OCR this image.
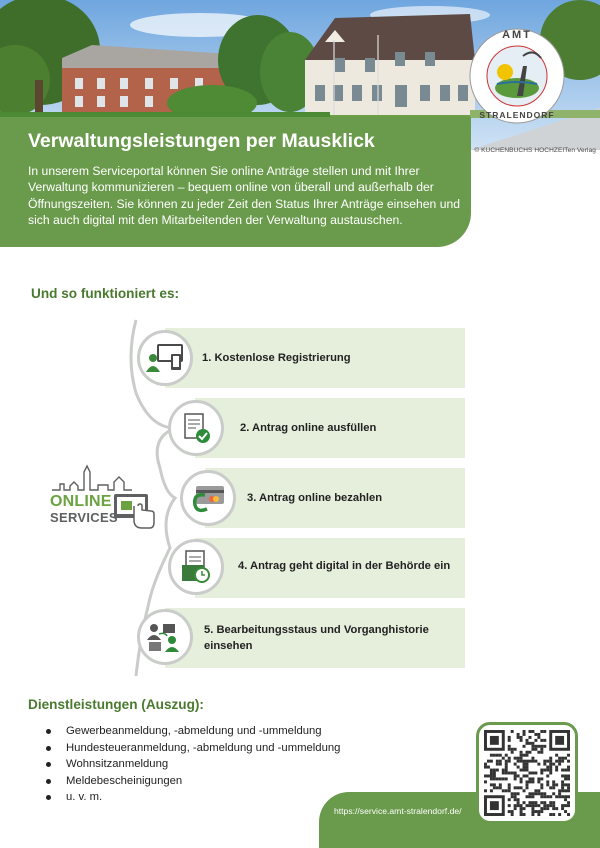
AMT
STRALENDORF
© KUCHENBUCHS HOCHZEITen Verlag
Verwaltungsleistungen per Mausklick
In unserem Serviceportal können Sie online Anträge stellen und mit Ihrer Verwaltung kommunizieren – bequem online von überall und außerhalb der Öffnungszeiten. Sie können zu jeder Zeit den Status Ihrer Anträge einsehen und sich auch digital mit den Mitarbeitenden der Verwaltung austauschen.
Und so funktioniert es:
1. Kostenlose Registrierung
2. Antrag online ausfüllen
3. Antrag online bezahlen
4. Antrag geht digital in der Behörde ein
5. Bearbeitungsstaus und Vorganghistorie einsehen
ONLINE
SERVICES
Dienstleistungen (Auszug):
Gewerbeanmeldung, -abmeldung und -ummeldung
Hundesteueranmeldung, -abmeldung und -ummeldung
Wohnsitzanmeldung
Meldebescheinigungen
u. v. m.
https://service.amt-stralendorf.de/
